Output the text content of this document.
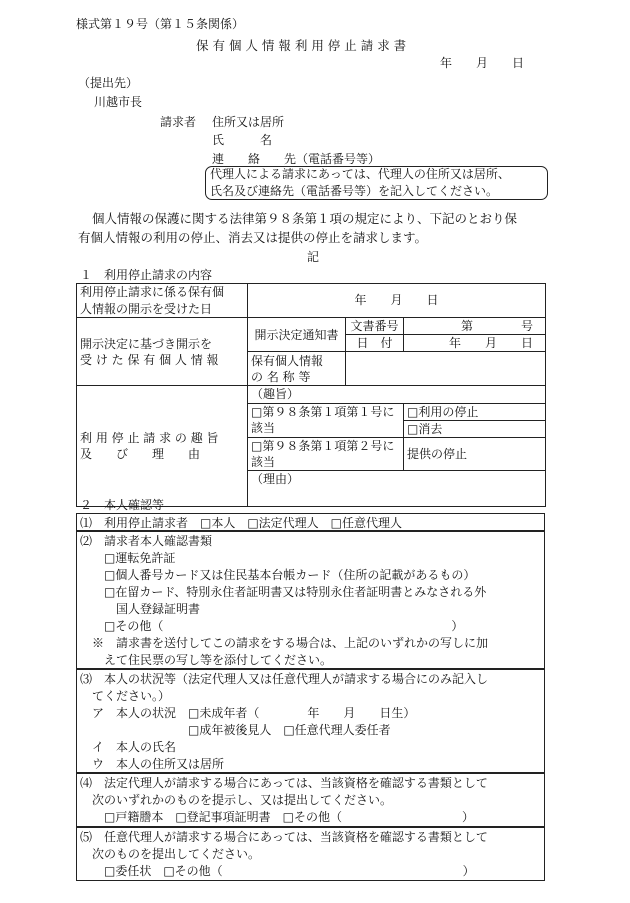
様式第１９号（第１５条関係）
保 有 個 人 情 報 利 用 停 止 請 求 書
年　　月　　日
（提出先）
川越市長
請求者 住所又は居所
氏　　　名
連　　絡　　先（電話番号等）
代理人による請求にあっては、代理人の住所又は居所、
氏名及び連絡先（電話番号等）を記入してください。
個人情報の保護に関する法律第９８条第１項の規定により、下記のとおり保
有個人情報の利用の停止、消去又は提供の停止を請求します。
記
１　利用停止請求の内容
利用停止請求に係る保有個
人情報の開示を受けた日	年　　月　　日		
開示決定に基づき開示を
受 け た 保 有 個 人 情 報	開示決定通知書	文書番号	第　　　　号
		日　付	年　　月　　日
	保有個人情報
の 名 称 等		
利 用 停 止 請 求 の 趣 旨
及　　び　　理　　由	（趣旨）		
	□第９８条第１項第１号に該当		□利用の停止
			□消去
	□第９８条第１項第２号に該当		提供の停止
	（理由）		
２　本人確認等
⑴　利用停止請求者　□本人　□法定代理人　□任意代理人
⑵　請求者本人確認書類
　　□運転免許証
　　□個人番号カード又は住民基本台帳カード（住所の記載があるもの）
　　□在留カード、特別永住者証明書又は特別永住者証明書とみなされる外
　　　国人登録証明書
　　□その他（　　　　　　　　　　　　　　　　　　　　　　　　）
　※　請求書を送付してこの請求をする場合は、上記のいずれかの写しに加
　　えて住民票の写し等を添付してください。
⑶　本人の状況等（法定代理人又は任意代理人が請求する場合にのみ記入し
　てください。）
　ア　本人の状況　□未成年者（　　　　年　　月　　日生）
　　　　　　　　　□成年被後見人　□任意代理人委任者
　イ　本人の氏名
　ウ　本人の住所又は居所
⑷　法定代理人が請求する場合にあっては、当該資格を確認する書類として
　次のいずれかのものを提示し、又は提出してください。
　　□戸籍謄本　□登記事項証明書　□その他（　　　　　　　　　　）
⑸　任意代理人が請求する場合にあっては、当該資格を確認する書類として
　次のものを提出してください。
　　□委任状　□その他（　　　　　　　　　　　　　　　　　　　　）
